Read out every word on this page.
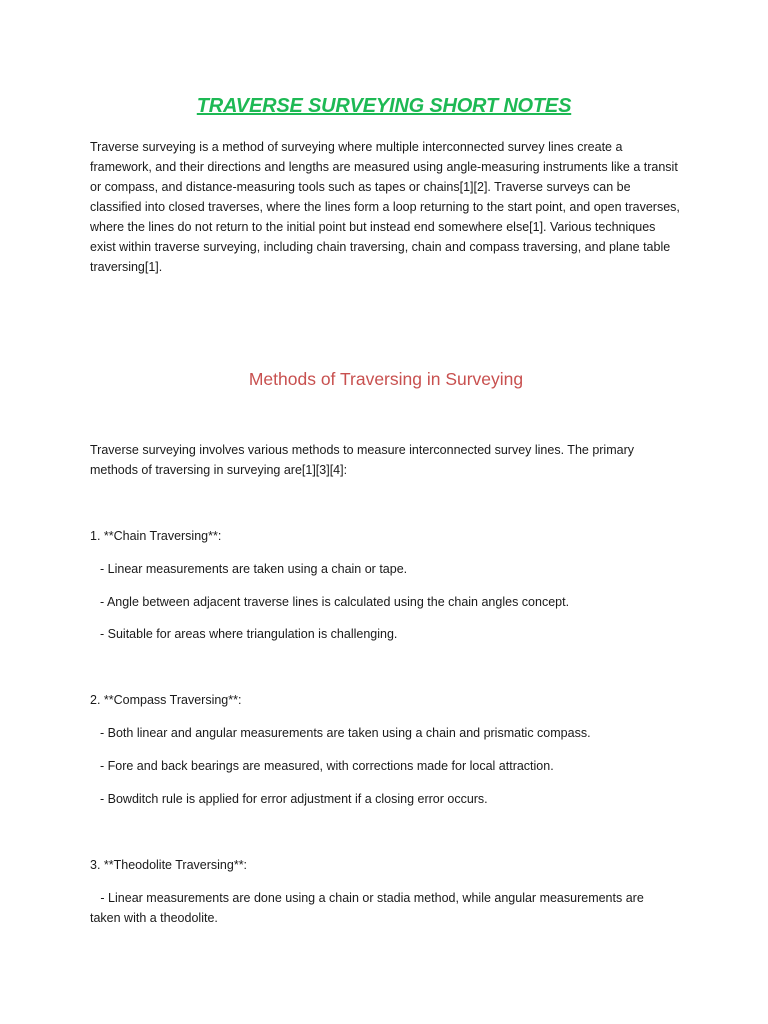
TRAVERSE SURVEYING SHORT NOTES

Traverse surveying is a method of surveying where multiple interconnected survey lines create a framework, and their directions and lengths are measured using angle-measuring instruments like a transit or compass, and distance-measuring tools such as tapes or chains[1][2]. Traverse surveys can be classified into closed traverses, where the lines form a loop returning to the start point, and open traverses, where the lines do not return to the initial point but instead end somewhere else[1]. Various techniques exist within traverse surveying, including chain traversing, chain and compass traversing, and plane table traversing[1].

Methods of Traversing in Surveying

Traverse surveying involves various methods to measure interconnected survey lines. The primary methods of traversing in surveying are[1][3][4]:

1. **Chain Traversing**:
- Linear measurements are taken using a chain or tape.
- Angle between adjacent traverse lines is calculated using the chain angles concept.
- Suitable for areas where triangulation is challenging.
2. **Compass Traversing**:
- Both linear and angular measurements are taken using a chain and prismatic compass.
- Fore and back bearings are measured, with corrections made for local attraction.
- Bowditch rule is applied for error adjustment if a closing error occurs.
3. **Theodolite Traversing**:

- Linear measurements are done using a chain or stadia method, while angular measurements are taken with a theodolite.
